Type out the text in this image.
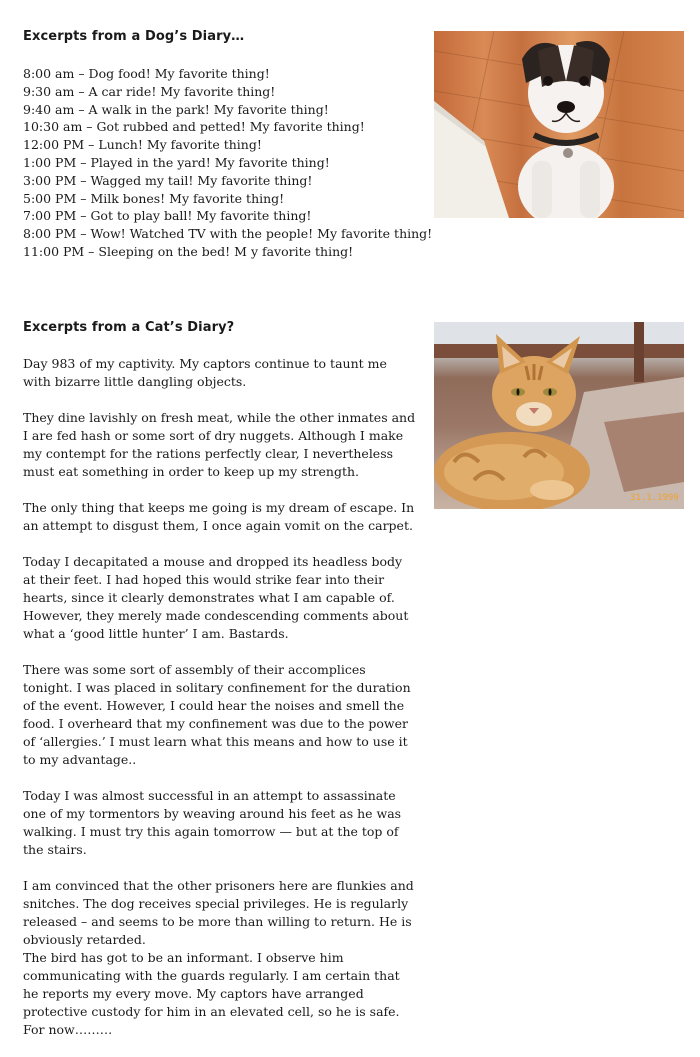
Excerpts from a Dog’s Diary…
8:00 am – Dog food! My favorite thing!
9:30 am – A car ride! My favorite thing!
9:40 am – A walk in the park! My favorite thing!
10:30 am – Got rubbed and petted! My favorite thing!
12:00 PM – Lunch! My favorite thing!
1:00 PM – Played in the yard! My favorite thing!
3:00 PM – Wagged my tail! My favorite thing!
5:00 PM – Milk bones! My favorite thing!
7:00 PM – Got to play ball! My favorite thing!
8:00 PM – Wow! Watched TV with the people! My favorite thing!
11:00 PM – Sleeping on the bed! M y favorite thing!
Excerpts from a Cat’s Diary?

Day 983 of my captivity. My captors continue to taunt me with bizarre little dangling objects.

They dine lavishly on fresh meat, while the other inmates and I are fed hash or some sort of dry nuggets. Although I make my contempt for the rations perfectly clear, I nevertheless must eat something in order to keep up my strength.

The only thing that keeps me going is my dream of escape. In an attempt to disgust them, I once again vomit on the carpet.

Today I decapitated a mouse and dropped its headless body at their feet. I had hoped this would strike fear into their hearts, since it clearly demonstrates what I am capable of. However, they merely made condescending comments about what a ‘good little hunter’ I am. Bastards.

There was some sort of assembly of their accomplices tonight. I was placed in solitary confinement for the duration of the event. However, I could hear the noises and smell the food. I overheard that my confinement was due to the power of ‘allergies.’ I must learn what this means and how to use it to my advantage..

Today I was almost successful in an attempt to assassinate one of my tormentors by weaving around his feet as he was walking. I must try this again tomorrow — but at the top of the stairs.

I am convinced that the other prisoners here are flunkies and snitches. The dog receives special privileges. He is regularly released – and seems to be more than willing to return. He is obviously retarded.

The bird has got to be an informant. I observe him communicating with the guards regularly. I am certain that he reports my every move. My captors have arranged protective custody for him in an elevated cell, so he is safe. For now………

31.1.1999
